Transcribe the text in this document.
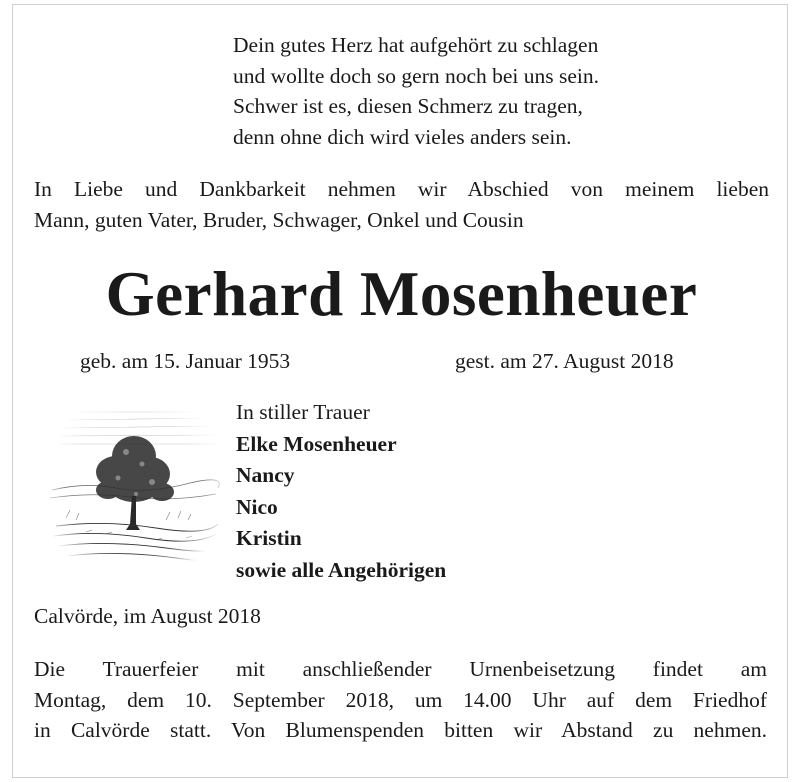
Dein gutes Herz hat aufgehört zu schlagen
und wollte doch so gern noch bei uns sein.
Schwer ist es, diesen Schmerz zu tragen,
denn ohne dich wird vieles anders sein.
In Liebe und Dankbarkeit nehmen wir Abschied von meinem lieben
Mann, guten Vater, Bruder, Schwager, Onkel und Cousin
Gerhard Mosenheuer
geb. am 15. Januar 1953	gest. am 27. August 2018
In stiller Trauer
Elke Mosenheuer
Nancy
Nico
Kristin
sowie alle Angehörigen
Calvörde, im August 2018
Die Trauerfeier mit anschließender Urnenbeisetzung findet am
Montag, dem 10. September 2018, um 14.00 Uhr auf dem Friedhof
in Calvörde statt. Von Blumenspenden bitten wir Abstand zu nehmen.
